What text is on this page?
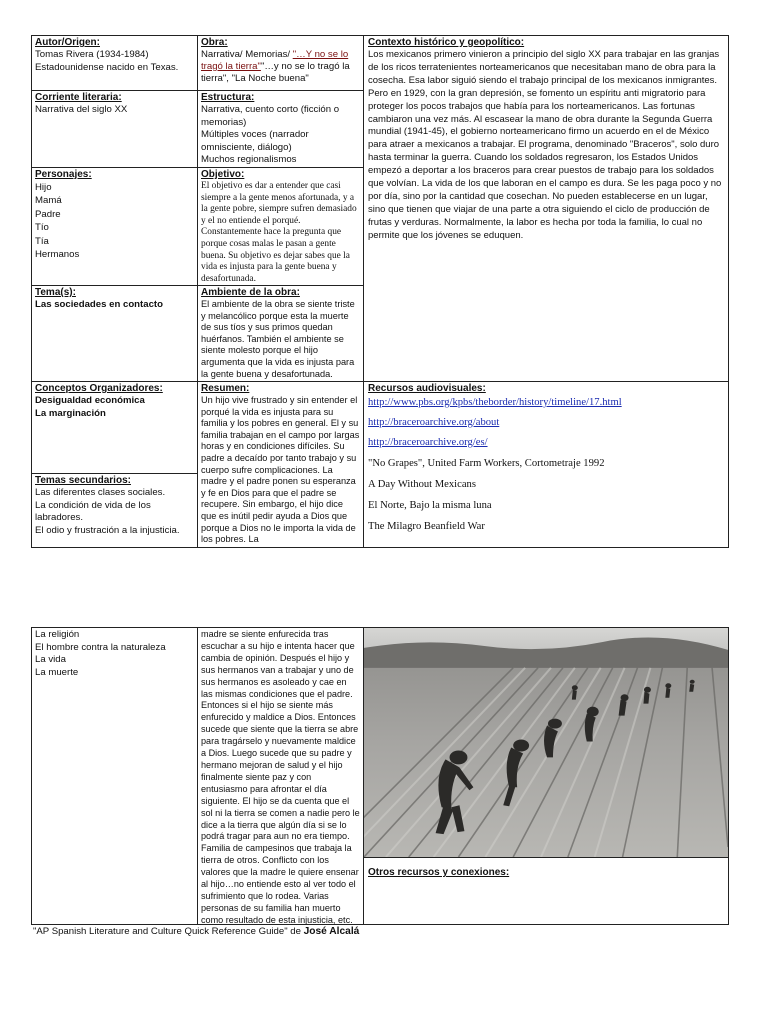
Autor/Origen:

Tomas Rivera (1934-1984)

Estadounidense nacido en Texas.

Corriente literaria:

Narrativa del siglo XX

Personajes:

Hijo

Mamá

Padre

Tío

Tía

Hermanos

Tema(s):

Las sociedades en contacto

Conceptos Organizadores:

Desigualdad económica

La marginación

Temas secundarios:

Las diferentes clases sociales.

La condición de vida de los labradores.

El odio y frustración a la injusticia.

Obra:

Narrativa/ Memorias/ "…Y no se lo tragó la tierra""…y no se lo tragó la tierra", "La Noche buena"

Estructura:

Narrativa, cuento corto (ficción o memorias)

Múltiples voces (narrador omnisciente, diálogo)

Muchos regionalismos

Objetivo:

El objetivo es dar a entender que casi siempre a la gente menos afortunada, y a la gente pobre, siempre sufren demasiado y el no entiende el porqué. Constantemente hace la pregunta que porque cosas malas le pasan a gente buena. Su objetivo es dejar sabes que la vida es injusta para la gente buena y desafortunada.

Ambiente de la obra:

El ambiente de la obra se siente triste y melancólico porque esta la muerte de sus tíos y sus primos quedan huérfanos. También el ambiente se siente molesto porque el hijo argumenta que la vida es injusta para la gente buena y desafortunada.

Resumen:

Un hijo vive frustrado y sin entender el porqué la vida es injusta para su familia y los pobres en general. El y su familia trabajan en el campo por largas horas y en condiciones difíciles. Su padre a decaído por tanto trabajo y su cuerpo sufre complicaciones. La madre y el padre ponen su esperanza y fe en Dios para que el padre se recupere. Sin embargo, el hijo dice que es inútil pedir ayuda a Dios que porque a Dios no le importa la vida de los pobres. La

Contexto histórico y geopolítico:

Los mexicanos primero vinieron a principio del siglo XX para trabajar en las granjas de los ricos terratenientes norteamericanos que necesitaban mano de obra para la cosecha. Esa labor siguió siendo el trabajo principal de los mexicanos inmigrantes. Pero en 1929, con la gran depresión, se fomento un espíritu anti migratorio para proteger los pocos trabajos que había para los norteamericanos. Las fortunas cambiaron una vez más. Al escasear la mano de obra durante la Segunda Guerra mundial (1941-45), el gobierno norteamericano firmo un acuerdo en el de México para atraer a mexicanos a trabajar. El programa, denominado "Braceros", solo duro hasta terminar la guerra. Cuando los soldados regresaron, los Estados Unidos empezó a deportar a los braceros para crear puestos de trabajo para los soldados que volvían. La vida de los que laboran en el campo es dura. Se les paga poco y no por día, sino por la cantidad que cosechan. No pueden establecerse en un lugar, sino que tienen que viajar de una parte a otra siguiendo el ciclo de producción de frutas y verduras. Normalmente, la labor es hecha por toda la familia, lo cual no permite que los jóvenes se eduquen.

Recursos audiovisuales:

http://www.pbs.org/kpbs/theborder/history/timeline/17.html
http://braceroarchive.org/about
http://braceroarchive.org/es/
"No Grapes", United Farm Workers, Cortometraje 1992
A Day Without Mexicans
El Norte, Bajo la misma luna
The Milagro Beanfield War

La religión

El hombre contra la naturaleza

La vida

La muerte

madre se siente enfurecida tras escuchar a su hijo e intenta hacer que cambia de opinión. Después el hijo y sus hermanos van a trabajar y uno de sus hermanos es asoleado y cae en las mismas condiciones que el padre. Entonces si el hijo se siente más enfurecido y maldice a Dios. Entonces sucede que siente que la tierra se abre para tragárselo y nuevamente maldice a Dios. Luego sucede que su padre y hermano mejoran de salud y el hijo finalmente siente paz y con entusiasmo para afrontar el día siguiente. El hijo se da cuenta que el sol ni la tierra se comen a nadie pero le dice a la tierra que algún día si se lo podrá tragar para aun no era tiempo. Familia de campesinos que trabaja la tierra de otros. Conflicto con los valores que la madre le quiere ensenar al hijo…no entiende esto al ver todo el sufrimiento que lo rodea. Varias personas de su familia han muerto como resultado de esta injusticia, etc.

Otros recursos y conexiones:

"AP Spanish Literature and Culture Quick Reference Guide" de José Alcalá
